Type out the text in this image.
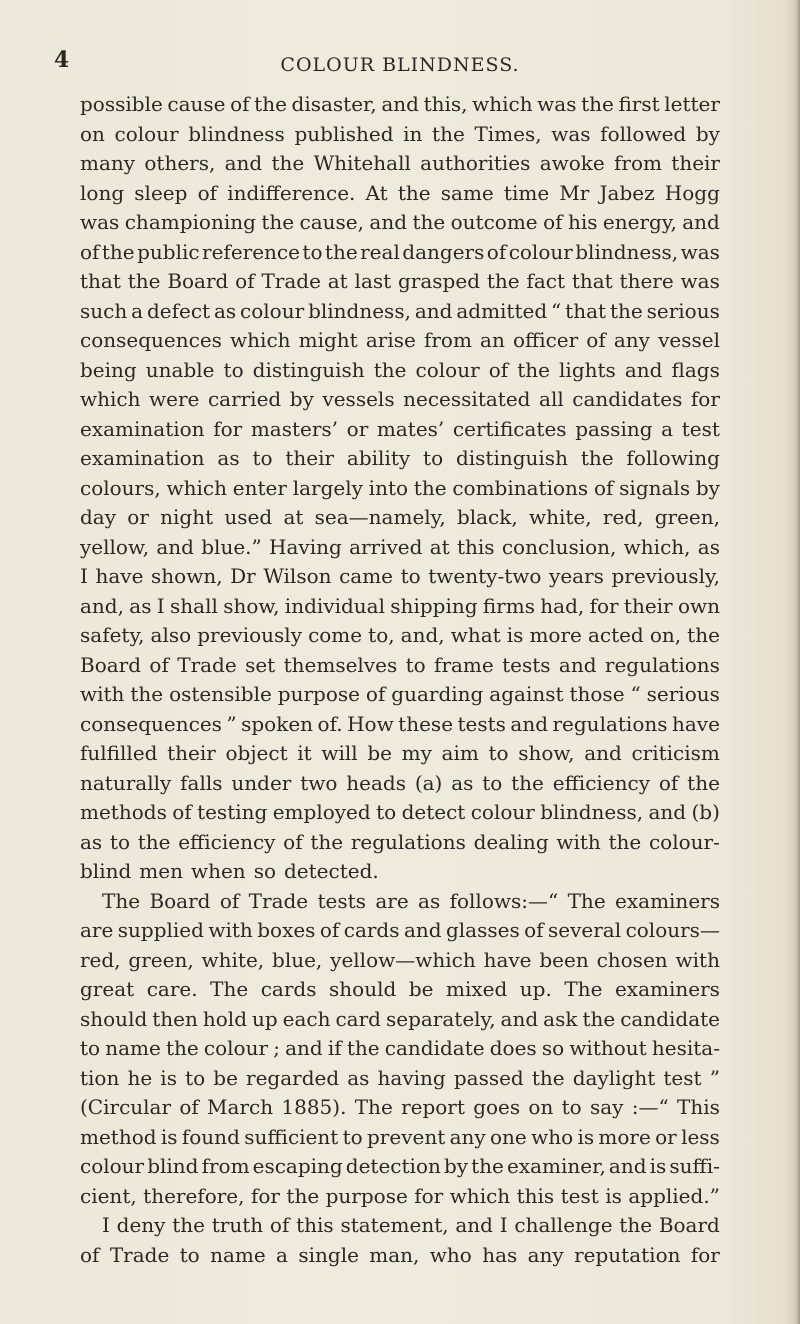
4	COLOUR BLINDNESS.
possible cause of the disaster, and this, which was the first letter
on colour blindness published in the Times, was followed by
many others, and the Whitehall authorities awoke from their
long sleep of indifference. At the same time Mr Jabez Hogg
was championing the cause, and the outcome of his energy, and
of the public reference to the real dangers of colour blindness, was
that the Board of Trade at last grasped the fact that there was
such a defect as colour blindness, and admitted “ that the serious
consequences which might arise from an officer of any vessel
being unable to distinguish the colour of the lights and flags
which were carried by vessels necessitated all candidates for
examination for masters’ or mates’ certificates passing a test
examination as to their ability to distinguish the following
colours, which enter largely into the combinations of signals by
day or night used at sea—namely, black, white, red, green,
yellow, and blue.” Having arrived at this conclusion, which, as
I have shown, Dr Wilson came to twenty-two years previously,
and, as I shall show, individual shipping firms had, for their own
safety, also previously come to, and, what is more acted on, the
Board of Trade set themselves to frame tests and regulations
with the ostensible purpose of guarding against those “ serious
consequences ” spoken of. How these tests and regulations have
fulfilled their object it will be my aim to show, and criticism
naturally falls under two heads (a) as to the efficiency of the
methods of testing employed to detect colour blindness, and (b)
as to the efficiency of the regulations dealing with the colour-
blind men when so detected.
The Board of Trade tests are as follows:—“ The examiners
are supplied with boxes of cards and glasses of several colours—
red, green, white, blue, yellow—which have been chosen with
great care. The cards should be mixed up. The examiners
should then hold up each card separately, and ask the candidate
to name the colour ; and if the candidate does so without hesita-
tion he is to be regarded as having passed the daylight test ”
(Circular of March 1885). The report goes on to say :—“ This
method is found sufficient to prevent any one who is more or less
colour blind from escaping detection by the examiner, and is suffi-
cient, therefore, for the purpose for which this test is applied.”
I deny the truth of this statement, and I challenge the Board
of Trade to name a single man, who has any reputation for
